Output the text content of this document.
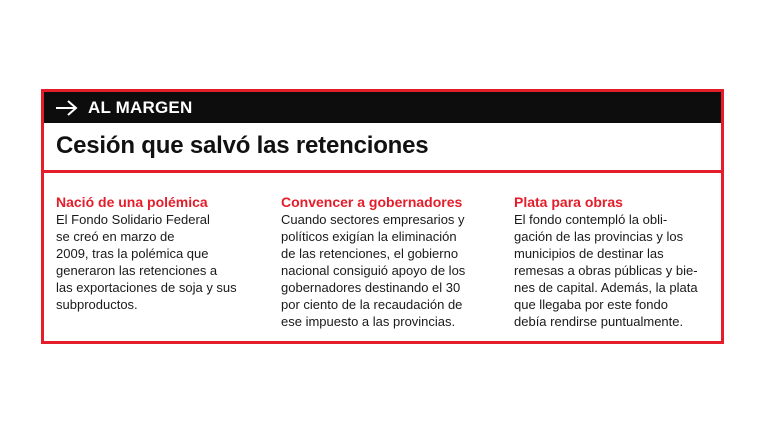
AL MARGEN
Cesión que salvó las retenciones
Nació de una polémica
El Fondo Solidario Federal
se creó en marzo de
2009, tras la polémica que
generaron las retenciones a
las exportaciones de soja y sus
subproductos.
Convencer a gobernadores
Cuando sectores empresarios y
políticos exigían la eliminación
de las retenciones, el gobierno
nacional consiguió apoyo de los
gobernadores destinando el 30
por ciento de la recaudación de
ese impuesto a las provincias.
Plata para obras
El fondo contempló la obli-
gación de las provincias y los
municipios de destinar las
remesas a obras públicas y bie-
nes de capital. Además, la plata
que llegaba por este fondo
debía rendirse puntualmente.
